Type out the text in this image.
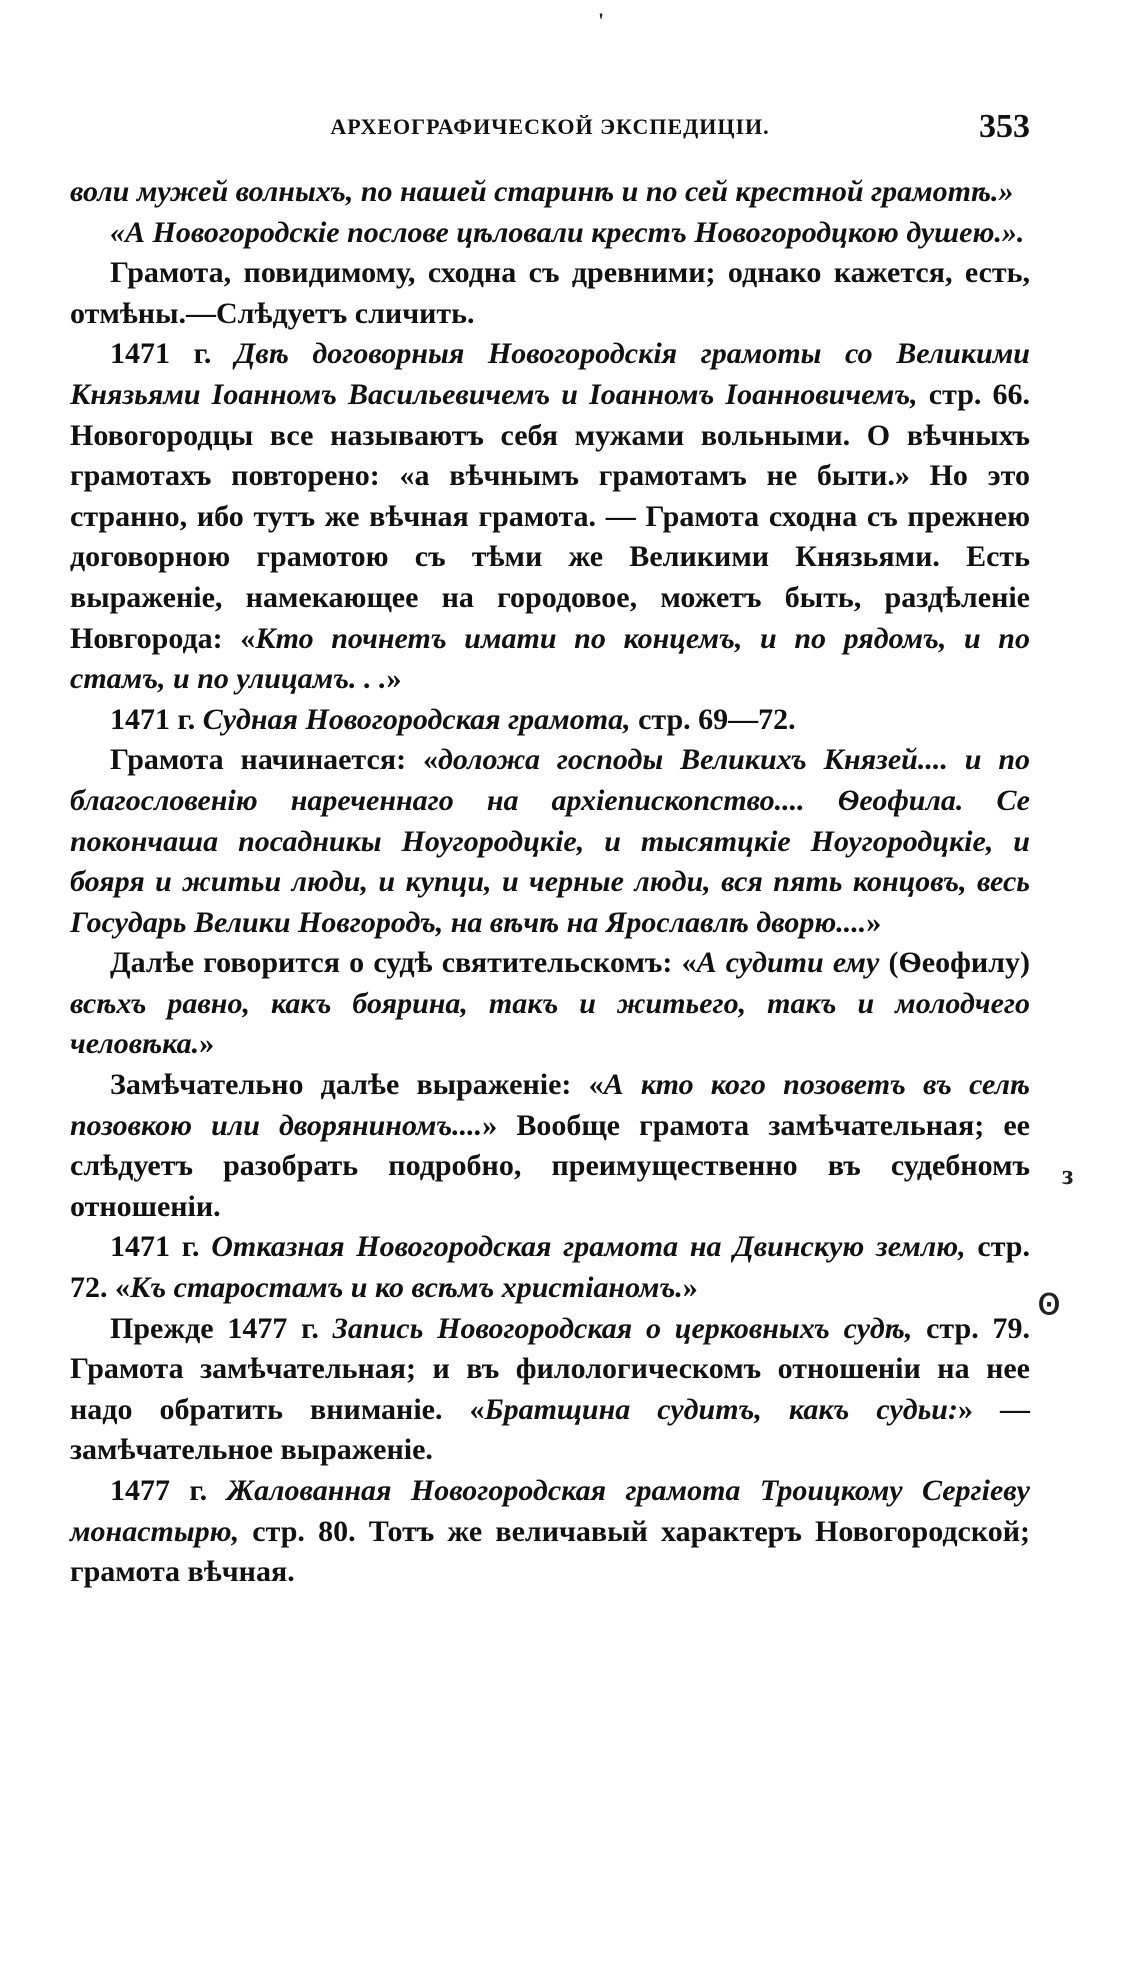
АРХЕОГРАФИЧЕСКОЙ ЭКСПЕДИЦІИ.	353
'
з
Ꙩ

воли мужей волныхъ, по нашей старинѣ и по сей крестной грамотѣ.»

«А Новогородскіе послове цѣловали крестъ Новогородцкою душею.».

Грамота, повидимому, сходна съ древними; однако кажется, есть, отмѣны.—Слѣдуетъ сличить.

1471 г. Двѣ договорныя Новогородскія грамоты со Великими Князьями Іоанномъ Васильевичемъ и Іоанномъ Іоанновичемъ, стр. 66. Новогородцы все называютъ себя мужами вольными. О вѣчныхъ грамотахъ повторено: «а вѣчнымъ грамотамъ не быти.» Но это странно, ибо тутъ же вѣчная грамота. — Грамота сходна съ прежнею договорною грамотою съ тѣми же Великими Князьями. Есть выраженіе, намекающее на городовое, можетъ быть, раздѣленіе Новгорода: «Кто почнетъ имати по концемъ, и по рядомъ, и по стамъ, и по улицамъ. . .»

1471 г. Судная Новогородская грамота, стр. 69—72.

Грамота начинается: «доложа господы Великихъ Князей.... и по благословенію нареченнаго на архіепископство.... Ѳеофила. Се покончаша посадникы Ноугородцкіе, и тысятцкіе Ноугородцкіе, и бояря и житьи люди, и купци, и черные люди, вся пять концовъ, весь Государь Велики Новгородъ, на вѣчѣ на Ярославлѣ дворю....»

Далѣе говорится о судѣ святительскомъ: «А судити ему (Ѳеофилу) всѣхъ равно, какъ боярина, такъ и житьего, такъ и молодчего человѣка.»

Замѣчательно далѣе выраженіе: «А кто кого позоветъ въ селѣ позовкою или дворяниномъ....» Вообще грамота замѣчательная; ее слѣдуетъ разобрать подробно, преимущественно въ судебномъ отношеніи.

1471 г. Отказная Новогородская грамота на Двинскую землю, стр. 72. «Къ старостамъ и ко всѣмъ христіаномъ.»

Прежде 1477 г. Запись Новогородская о церковныхъ судѣ, стр. 79. Грамота замѣчательная; и въ филологическомъ отношеніи на нее надо обратить вниманіе. «Братщина судитъ, какъ судьи:» — замѣчательное выраженіе.

1477 г. Жалованная Новогородская грамота Троицкому Сергіеву монастырю, стр. 80. Тотъ же величавый характеръ Новогородской; грамота вѣчная.
